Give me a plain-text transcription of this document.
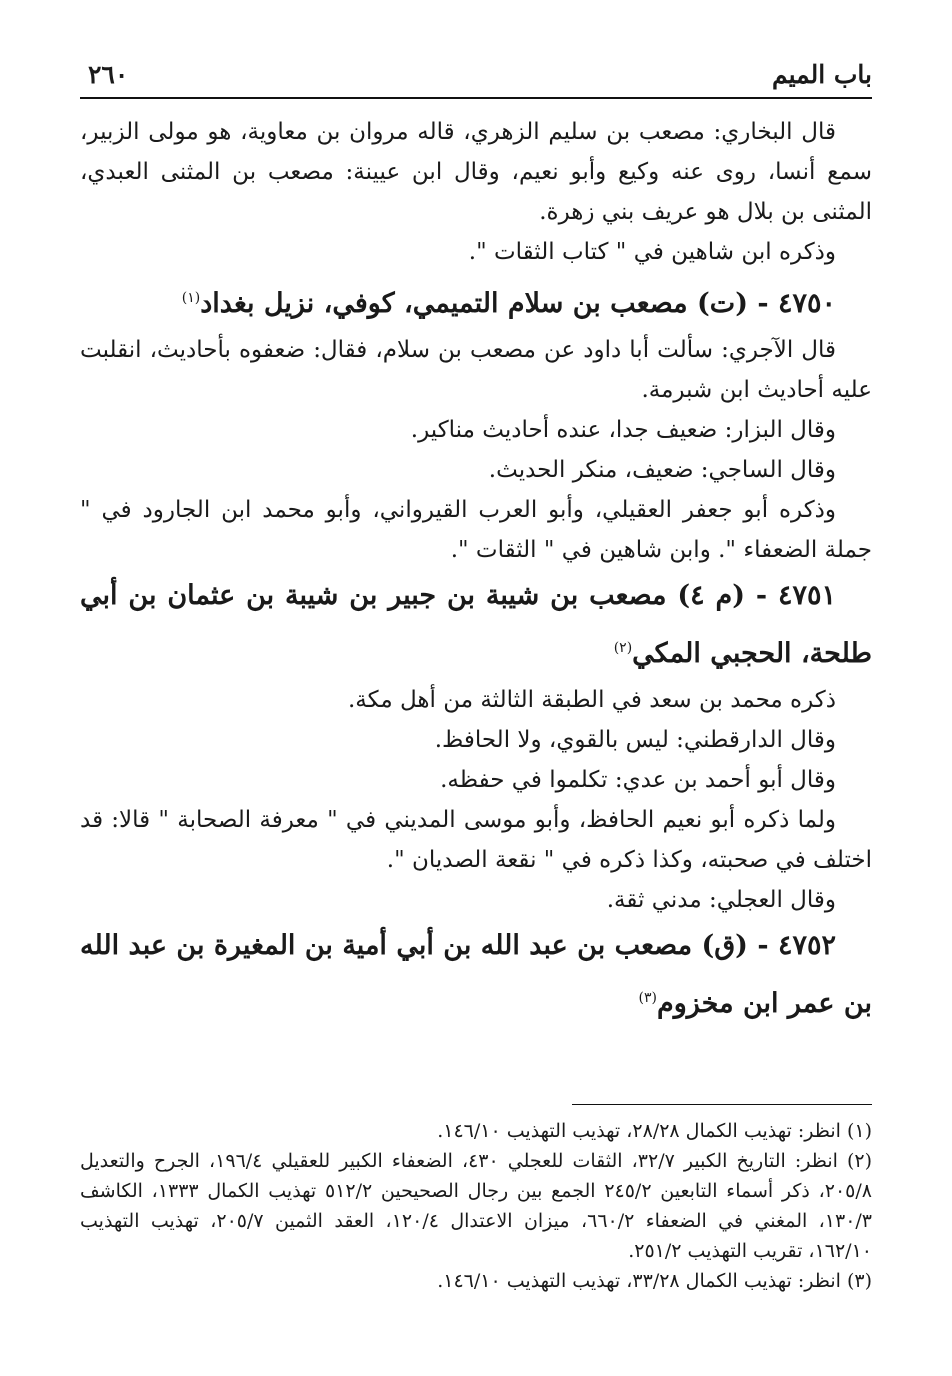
باب الميم
٢٦٠

قال البخاري: مصعب بن سليم الزهري، قاله مروان بن معاوية، هو مولى الزبير، سمع أنسا، روى عنه وكيع وأبو نعيم، وقال ابن عيينة: مصعب بن المثنى العبدي، المثنى بن بلال هو عريف بني زهرة.

وذكره ابن شاهين في " كتاب الثقات ".

٤٧٥٠ - (ت) مصعب بن سلام التميمي، كوفي، نزيل بغداد$^{(١)}$

قال الآجري: سألت أبا داود عن مصعب بن سلام، فقال: ضعفوه بأحاديث، انقلبت عليه أحاديث ابن شبرمة.

وقال البزار: ضعيف جدا، عنده أحاديث مناكير.

وقال الساجي: ضعيف، منكر الحديث.

وذكره أبو جعفر العقيلي، وأبو العرب القيرواني، وأبو محمد ابن الجارود في " جملة الضعفاء ". وابن شاهين في " الثقات ".

٤٧٥١ - (م ٤) مصعب بن شيبة بن جبير بن شيبة بن عثمان بن أبي طلحة، الحجبي المكي$^{(٢)}$

ذكره محمد بن سعد في الطبقة الثالثة من أهل مكة.

وقال الدارقطني: ليس بالقوي، ولا الحافظ.

وقال أبو أحمد بن عدي: تكلموا في حفظه.

ولما ذكره أبو نعيم الحافظ، وأبو موسى المديني في " معرفة الصحابة " قالا: قد اختلف في صحبته، وكذا ذكره في " نقعة الصديان ".

وقال العجلي: مدني ثقة.

٤٧٥٢ - (ق) مصعب بن عبد الله بن أبي أمية بن المغيرة بن عبد الله بن عمر ابن مخزوم$^{(٣)}$

(١) انظر: تهذيب الكمال ٢٨/٢٨، تهذيب التهذيب ١٤٦/١٠.

(٢) انظر: التاريخ الكبير ٣٢/٧، الثقات للعجلي ٤٣٠، الضعفاء الكبير للعقيلي ١٩٦/٤، الجرح والتعديل ٢٠٥/٨، ذكر أسماء التابعين ٢٤٥/٢ الجمع بين رجال الصحيحين ٥١٢/٢ تهذيب الكمال ١٣٣٣، الكاشف ١٣٠/٣، المغني في الضعفاء ٦٦٠/٢، ميزان الاعتدال ١٢٠/٤، العقد الثمين ٢٠٥/٧، تهذيب التهذيب ١٦٢/١٠، تقريب التهذيب ٢٥١/٢.

(٣) انظر: تهذيب الكمال ٣٣/٢٨، تهذيب التهذيب ١٤٦/١٠.
